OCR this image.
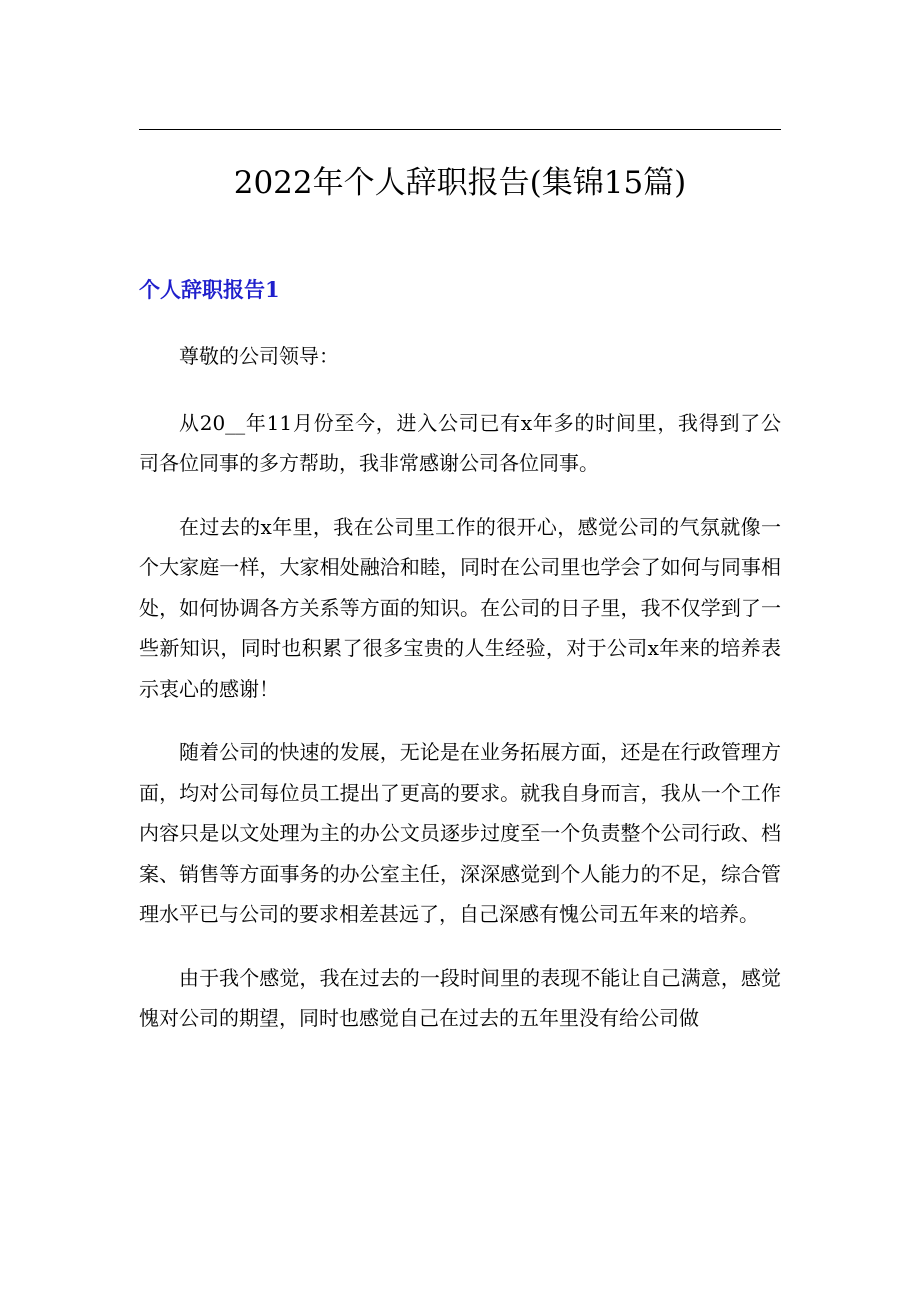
2022年个人辞职报告(集锦15篇)
个人辞职报告1

尊敬的公司领导：

从20__年11月份至今，进入公司已有x年多的时间里，我得到了公司各位同事的多方帮助，我非常感谢公司各位同事。

在过去的x年里，我在公司里工作的很开心，感觉公司的气氛就像一个大家庭一样，大家相处融洽和睦，同时在公司里也学会了如何与同事相处，如何协调各方关系等方面的知识。在公司的日子里，我不仅学到了一些新知识，同时也积累了很多宝贵的人生经验，对于公司x年来的培养表示衷心的感谢！

随着公司的快速的发展，无论是在业务拓展方面，还是在行政管理方面，均对公司每位员工提出了更高的要求。就我自身而言，我从一个工作内容只是以文处理为主的办公文员逐步过度至一个负责整个公司行政、档案、销售等方面事务的办公室主任，深深感觉到个人能力的不足，综合管理水平已与公司的要求相差甚远了，自己深感有愧公司五年来的培养。

由于我个感觉，我在过去的一段时间里的表现不能让自己满意，感觉愧对公司的期望，同时也感觉自己在过去的五年里没有给公司做
